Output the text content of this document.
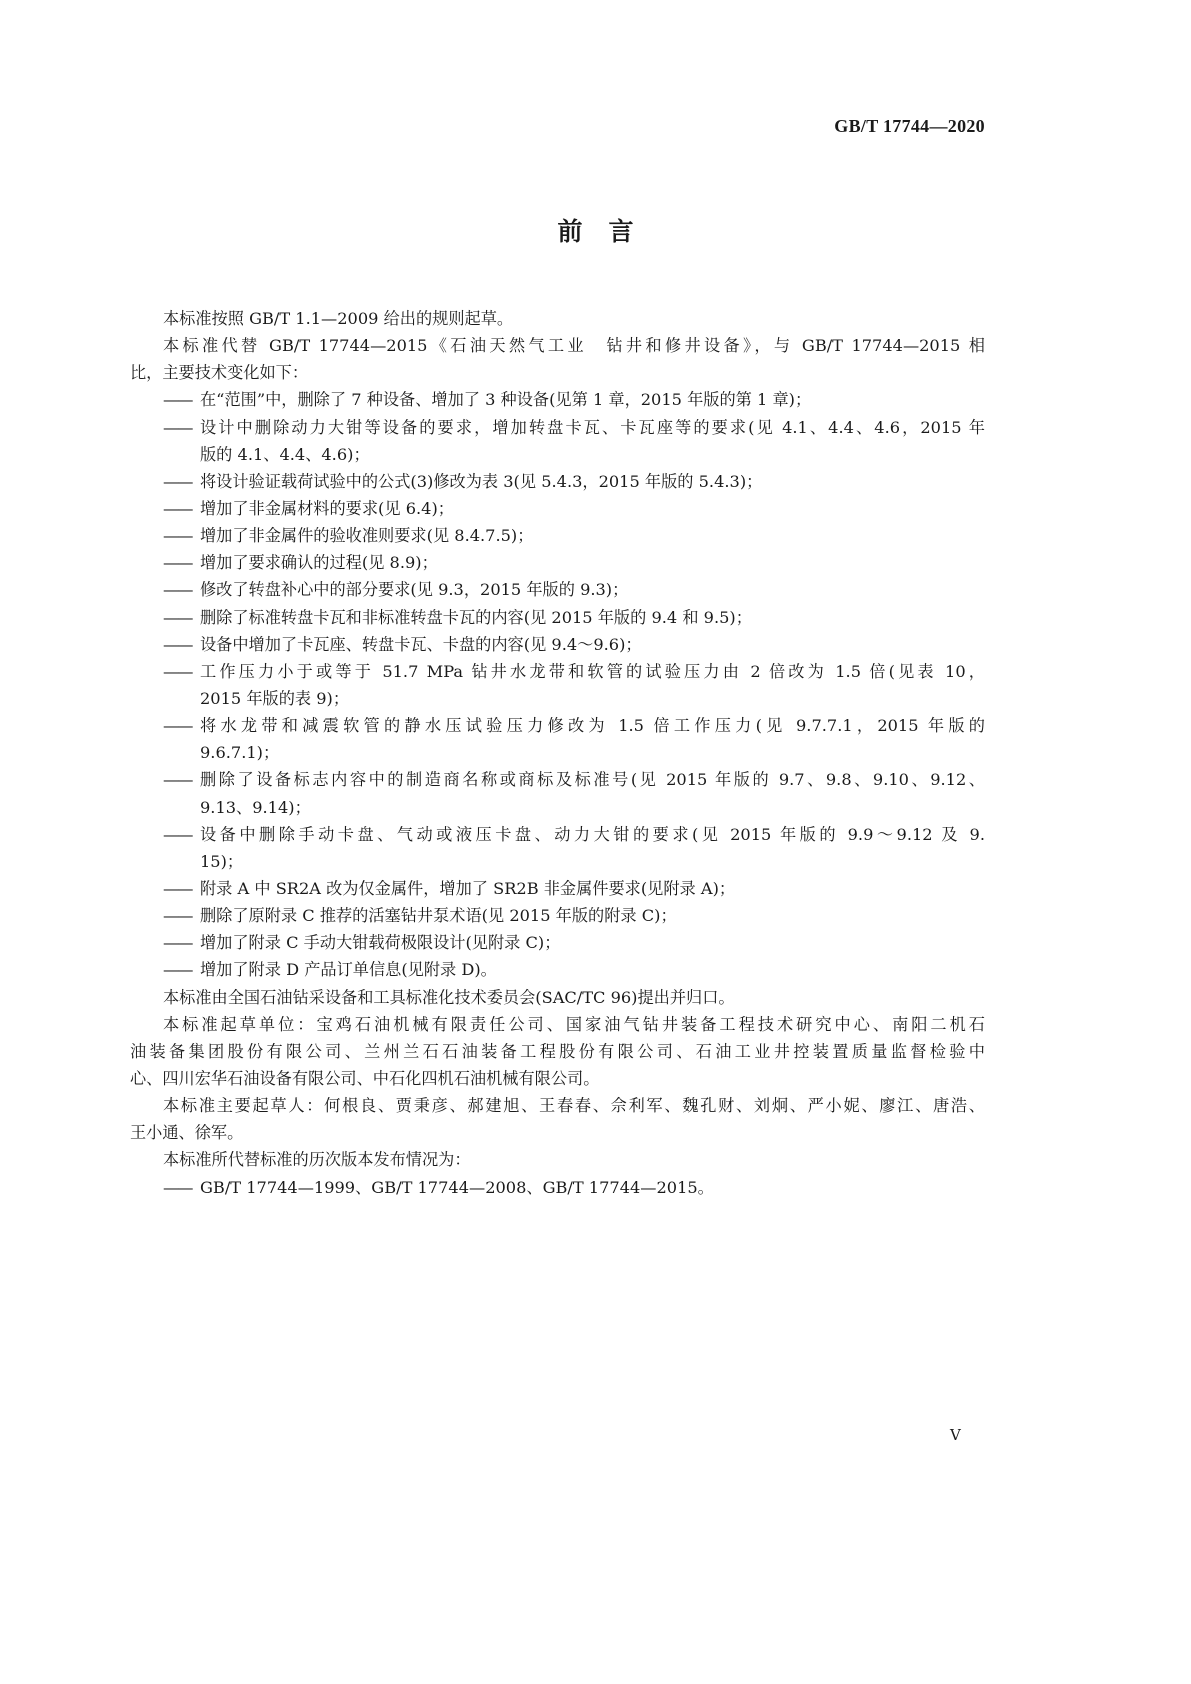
GB/T 17744—2020
前 言
本标准按照 GB/T 1.1—2009 给出的规则起草。
本标准代替 GB/T 17744—2015《石油天然气工业　钻井和修井设备》，与 GB/T 17744—2015 相
比，主要技术变化如下：
—— 在“范围”中，删除了 7 种设备、增加了 3 种设备(见第 1 章，2015 年版的第 1 章)；
—— 设计中删除动力大钳等设备的要求，增加转盘卡瓦、卡瓦座等的要求(见 4.1、4.4、4.6，2015 年
版的 4.1、4.4、4.6)；
—— 将设计验证载荷试验中的公式(3)修改为表 3(见 5.4.3，2015 年版的 5.4.3)；
—— 增加了非金属材料的要求(见 6.4)；
—— 增加了非金属件的验收准则要求(见 8.4.7.5)；
—— 增加了要求确认的过程(见 8.9)；
—— 修改了转盘补心中的部分要求(见 9.3，2015 年版的 9.3)；
—— 删除了标准转盘卡瓦和非标准转盘卡瓦的内容(见 2015 年版的 9.4 和 9.5)；
—— 设备中增加了卡瓦座、转盘卡瓦、卡盘的内容(见 9.4～9.6)；
—— 工作压力小于或等于 51.7 MPa 钻井水龙带和软管的试验压力由 2 倍改为 1.5 倍(见表 10，
2015 年版的表 9)；
—— 将水龙带和减震软管的静水压试验压力修改为 1.5 倍工作压力(见 9.7.7.1，2015 年版的
9.6.7.1)；
—— 删除了设备标志内容中的制造商名称或商标及标准号(见 2015 年版的 9.7、9.8、9.10、9.12、
9.13、9.14)；
—— 设备中删除手动卡盘、气动或液压卡盘、动力大钳的要求(见 2015 年版的 9.9～9.12 及 9.
15)；
—— 附录 A 中 SR2A 改为仅金属件，增加了 SR2B 非金属件要求(见附录 A)；
—— 删除了原附录 C 推荐的活塞钻井泵术语(见 2015 年版的附录 C)；
—— 增加了附录 C 手动大钳载荷极限设计(见附录 C)；
—— 增加了附录 D 产品订单信息(见附录 D)。
本标准由全国石油钻采设备和工具标准化技术委员会(SAC/TC 96)提出并归口。
本标准起草单位：宝鸡石油机械有限责任公司、国家油气钻井装备工程技术研究中心、南阳二机石
油装备集团股份有限公司、兰州兰石石油装备工程股份有限公司、石油工业井控装置质量监督检验中
心、四川宏华石油设备有限公司、中石化四机石油机械有限公司。
本标准主要起草人：何根良、贾秉彦、郝建旭、王春春、佘利军、魏孔财、刘炯、严小妮、廖江、唐浩、
王小通、徐军。
本标准所代替标准的历次版本发布情况为：
—— GB/T 17744—1999、GB/T 17744—2008、GB/T 17744—2015。
V
